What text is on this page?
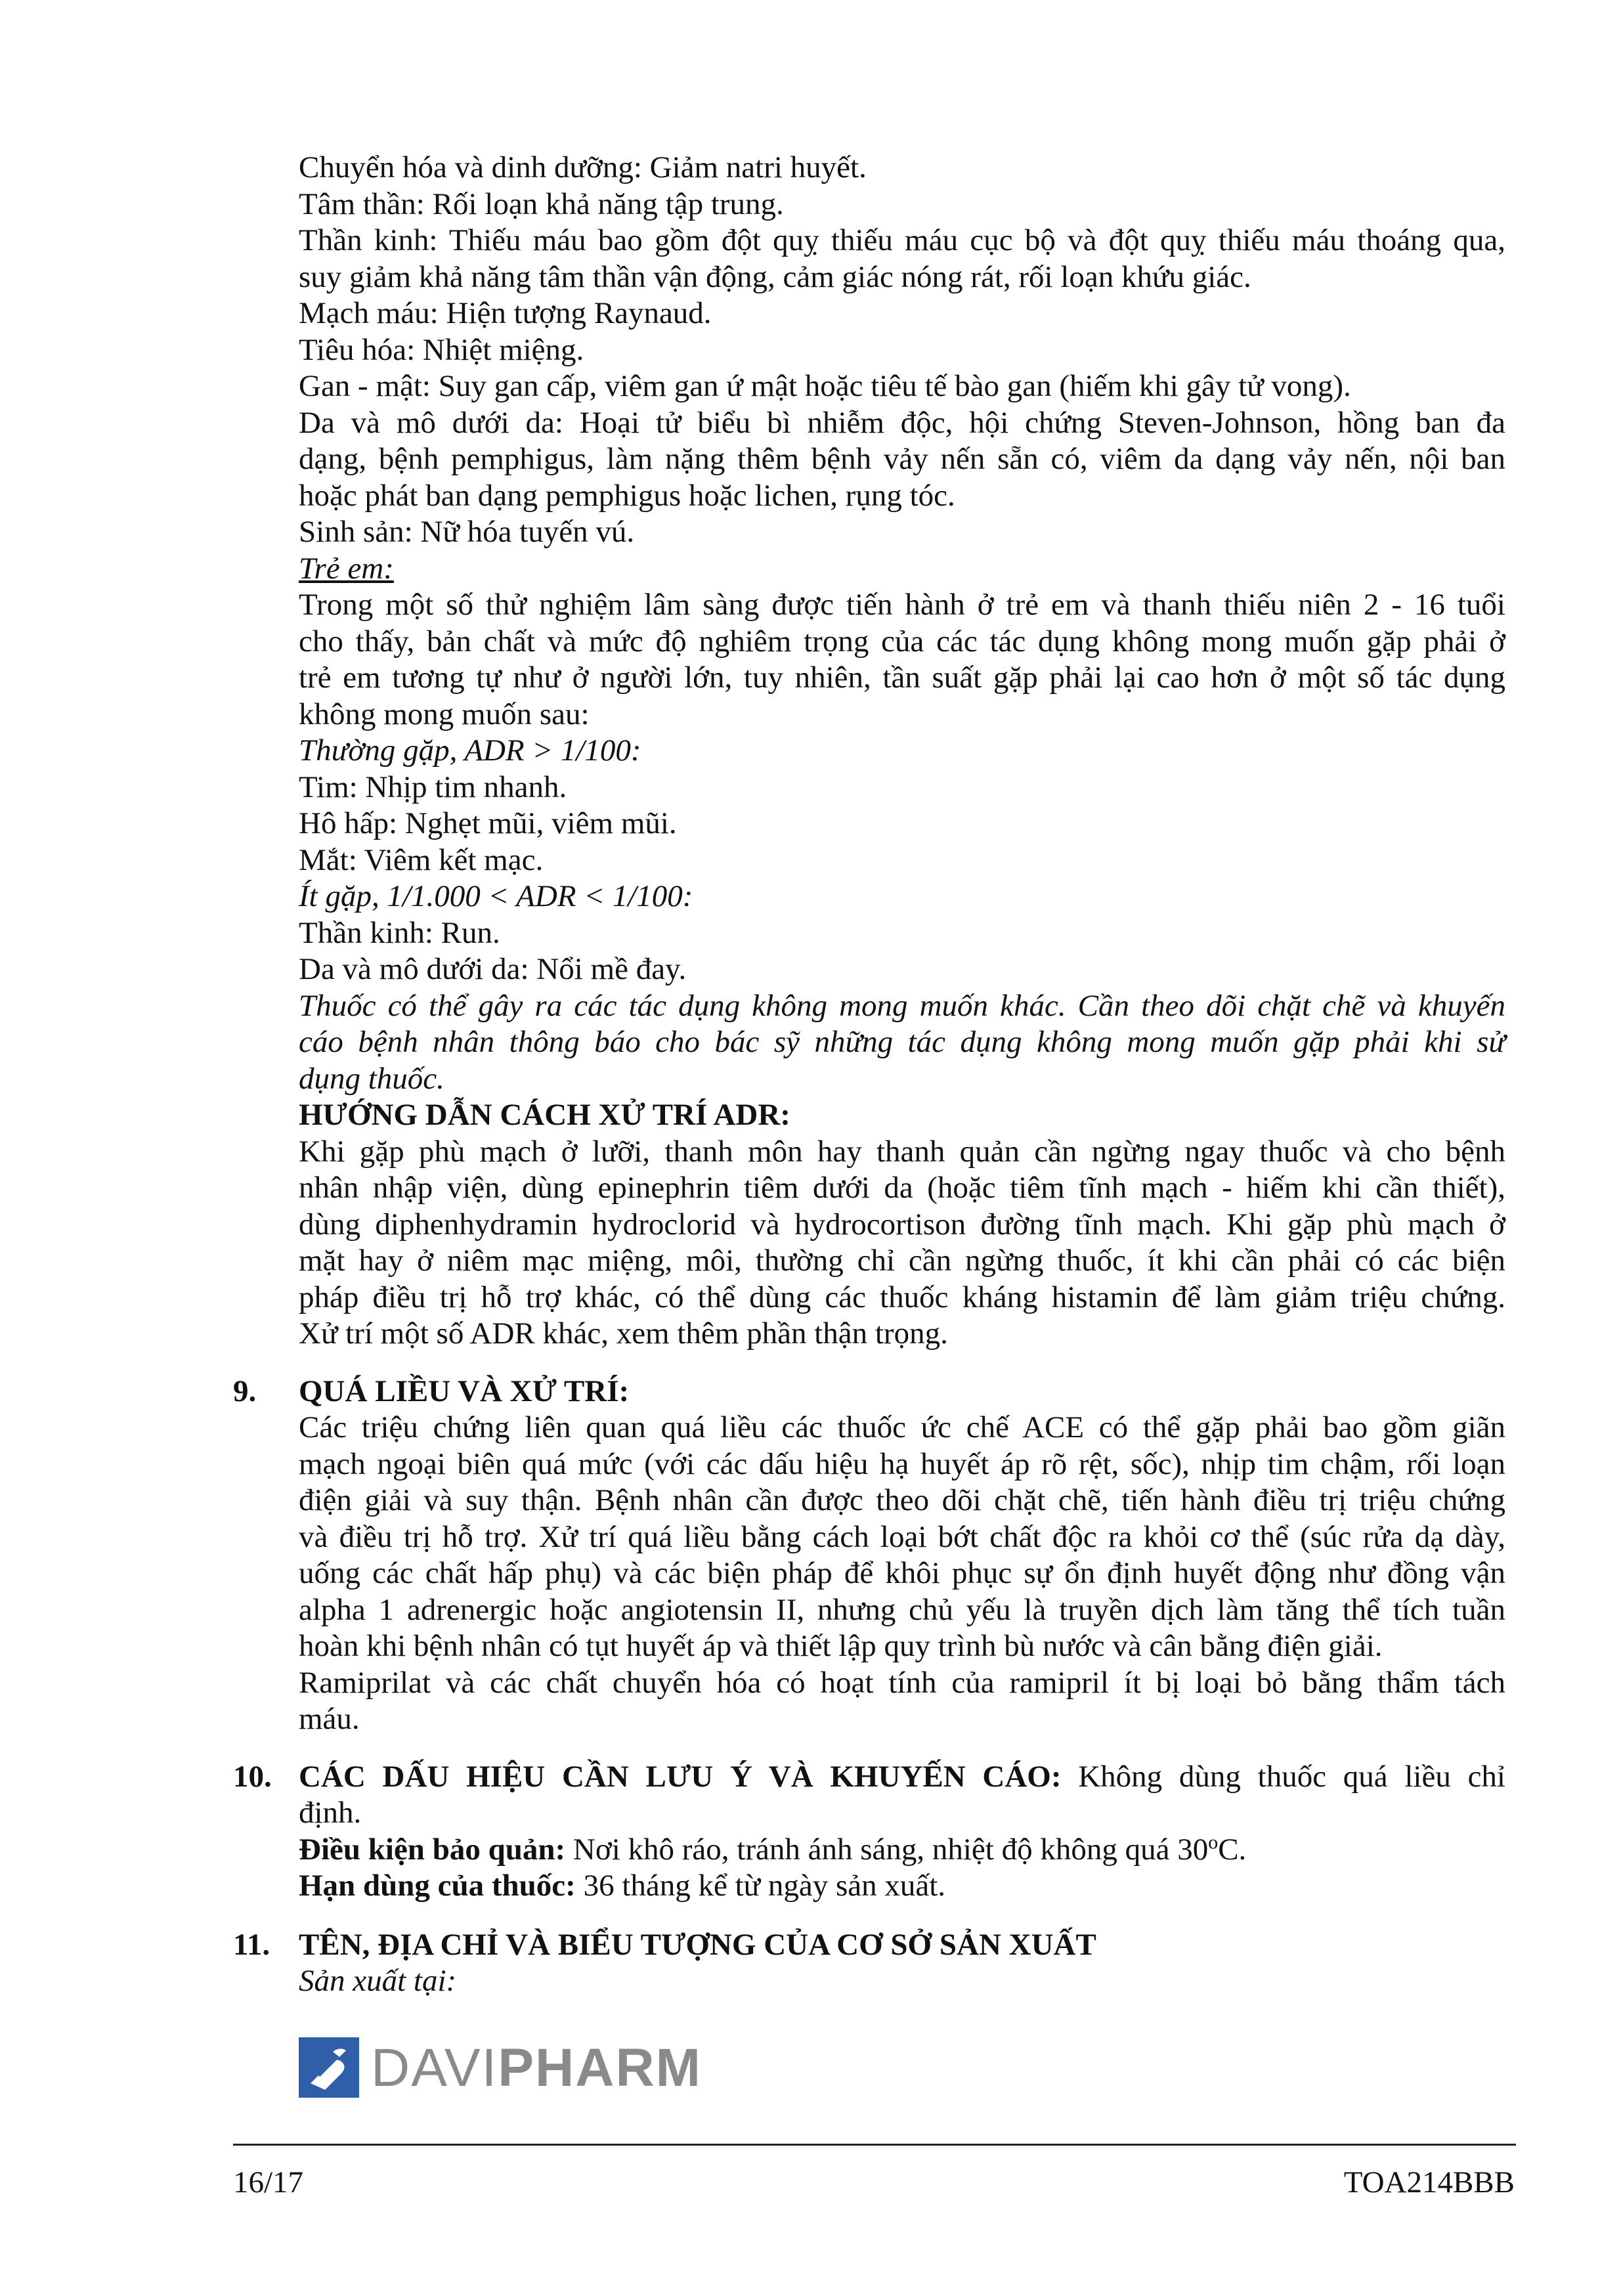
Chuyển hóa và dinh dưỡng: Giảm natri huyết.
Tâm thần: Rối loạn khả năng tập trung.
Thần kinh: Thiếu máu bao gồm đột quỵ thiếu máu cục bộ và đột quỵ thiếu máu thoáng qua,
suy giảm khả năng tâm thần vận động, cảm giác nóng rát, rối loạn khứu giác.
Mạch máu: Hiện tượng Raynaud.
Tiêu hóa: Nhiệt miệng.
Gan - mật: Suy gan cấp, viêm gan ứ mật hoặc tiêu tế bào gan (hiếm khi gây tử vong).
Da và mô dưới da: Hoại tử biểu bì nhiễm độc, hội chứng Steven-Johnson, hồng ban đa
dạng, bệnh pemphigus, làm nặng thêm bệnh vảy nến sẵn có, viêm da dạng vảy nến, nội ban
hoặc phát ban dạng pemphigus hoặc lichen, rụng tóc.
Sinh sản: Nữ hóa tuyến vú.
Trẻ em:
Trong một số thử nghiệm lâm sàng được tiến hành ở trẻ em và thanh thiếu niên 2 - 16 tuổi
cho thấy, bản chất và mức độ nghiêm trọng của các tác dụng không mong muốn gặp phải ở
trẻ em tương tự như ở người lớn, tuy nhiên, tần suất gặp phải lại cao hơn ở một số tác dụng
không mong muốn sau:
Thường gặp, ADR > 1/100:
Tim: Nhịp tim nhanh.
Hô hấp: Nghẹt mũi, viêm mũi.
Mắt: Viêm kết mạc.
Ít gặp, 1/1.000 < ADR < 1/100:
Thần kinh: Run.
Da và mô dưới da: Nổi mề đay.
Thuốc có thể gây ra các tác dụng không mong muốn khác. Cần theo dõi chặt chẽ và khuyến
cáo bệnh nhân thông báo cho bác sỹ những tác dụng không mong muốn gặp phải khi sử
dụng thuốc.
HƯỚNG DẪN CÁCH XỬ TRÍ ADR:
Khi gặp phù mạch ở lưỡi, thanh môn hay thanh quản cần ngừng ngay thuốc và cho bệnh
nhân nhập viện, dùng epinephrin tiêm dưới da (hoặc tiêm tĩnh mạch - hiếm khi cần thiết),
dùng diphenhydramin hydroclorid và hydrocortison đường tĩnh mạch. Khi gặp phù mạch ở
mặt hay ở niêm mạc miệng, môi, thường chỉ cần ngừng thuốc, ít khi cần phải có các biện
pháp điều trị hỗ trợ khác, có thể dùng các thuốc kháng histamin để làm giảm triệu chứng.
Xử trí một số ADR khác, xem thêm phần thận trọng.
9. QUÁ LIỀU VÀ XỬ TRÍ:
Các triệu chứng liên quan quá liều các thuốc ức chế ACE có thể gặp phải bao gồm giãn
mạch ngoại biên quá mức (với các dấu hiệu hạ huyết áp rõ rệt, sốc), nhịp tim chậm, rối loạn
điện giải và suy thận. Bệnh nhân cần được theo dõi chặt chẽ, tiến hành điều trị triệu chứng
và điều trị hỗ trợ. Xử trí quá liều bằng cách loại bớt chất độc ra khỏi cơ thể (súc rửa dạ dày,
uống các chất hấp phụ) và các biện pháp để khôi phục sự ổn định huyết động như đồng vận
alpha 1 adrenergic hoặc angiotensin II, nhưng chủ yếu là truyền dịch làm tăng thể tích tuần
hoàn khi bệnh nhân có tụt huyết áp và thiết lập quy trình bù nước và cân bằng điện giải.
Ramiprilat và các chất chuyển hóa có hoạt tính của ramipril ít bị loại bỏ bằng thẩm tách
máu.
10. CÁC DẤU HIỆU CẦN LƯU Ý VÀ KHUYẾN CÁO: Không dùng thuốc quá liều chỉ
định.
Điều kiện bảo quản: Nơi khô ráo, tránh ánh sáng, nhiệt độ không quá 30$^o$C.
Hạn dùng của thuốc: 36 tháng kể từ ngày sản xuất.
11. TÊN, ĐỊA CHỈ VÀ BIỂU TƯỢNG CỦA CƠ SỞ SẢN XUẤT
Sản xuất tại:
DAVIPHARM
16/17	TOA214BBB
